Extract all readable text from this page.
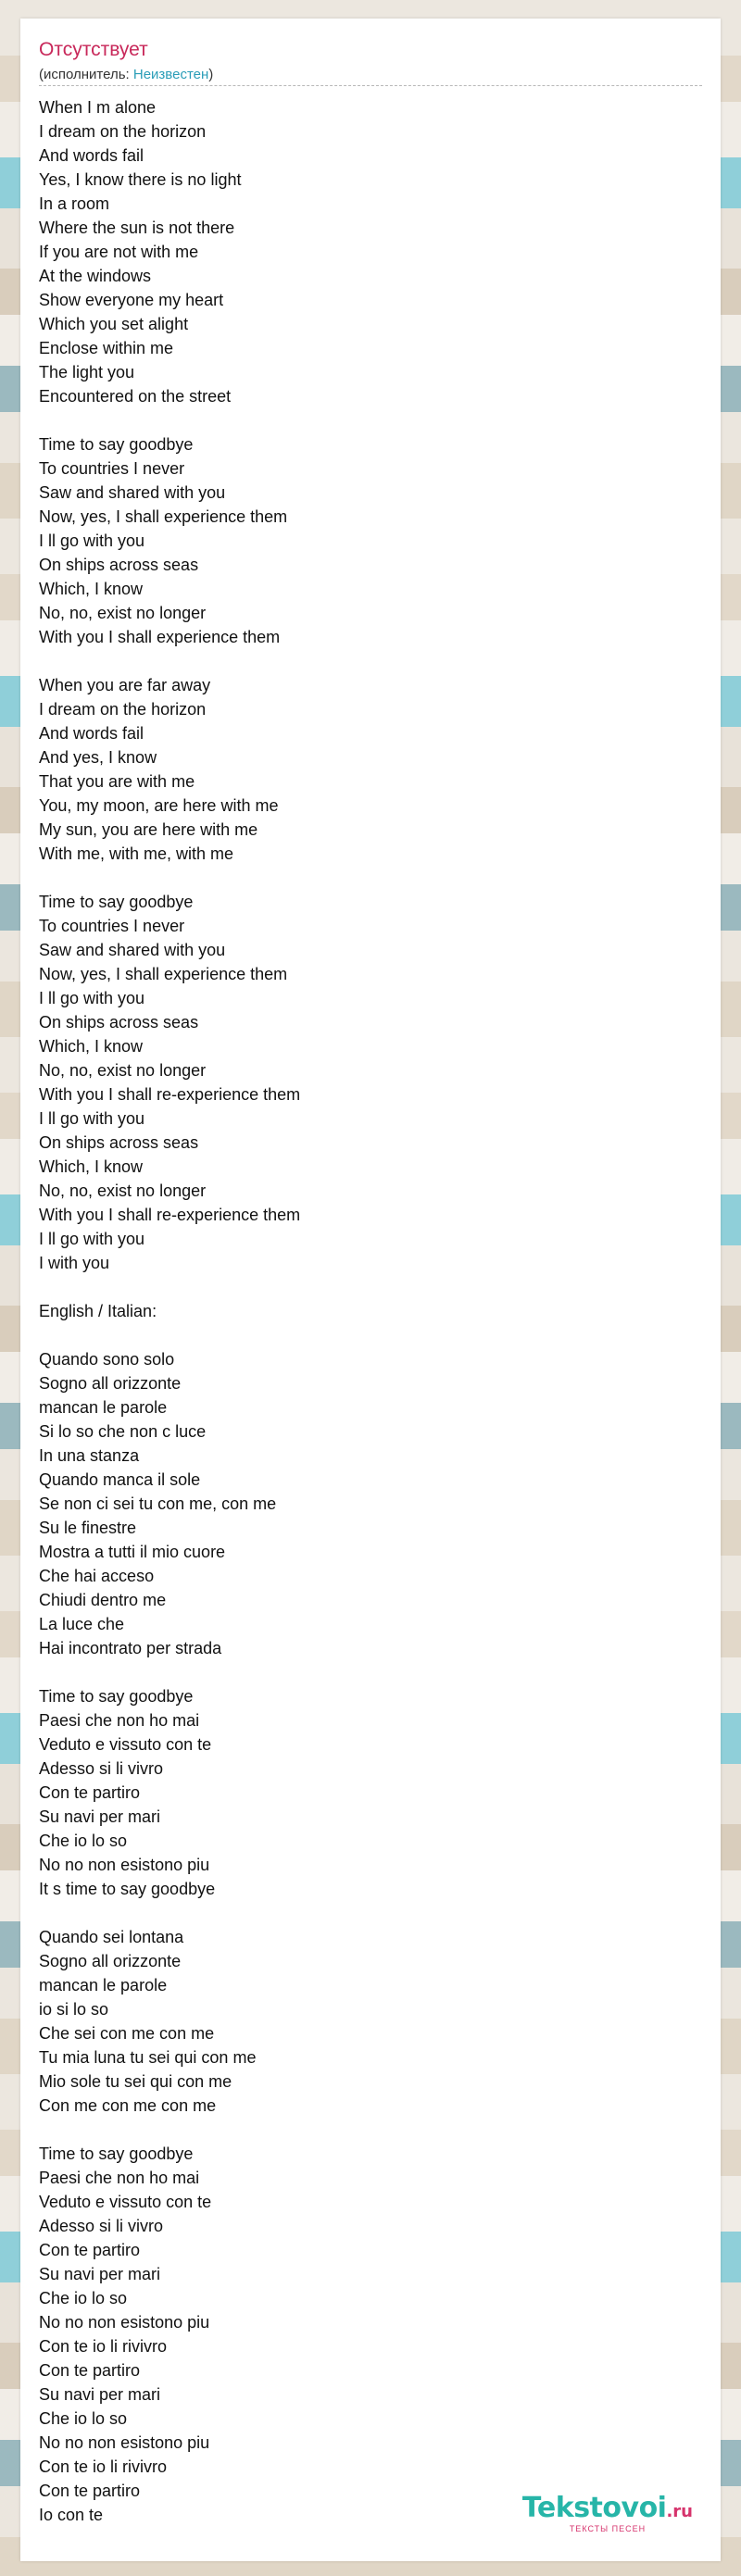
Отсутствует
(исполнитель: Неизвестен)
When I m alone
I dream on the horizon
And words fail
Yes, I know there is no light
In a room
Where the sun is not there
If you are not with me
At the windows
Show everyone my heart
Which you set alight
Enclose within me
The light you
Encountered on the street

Time to say goodbye
To countries I never
Saw and shared with you
Now, yes, I shall experience them
I ll go with you
On ships across seas
Which, I know
No, no, exist no longer
With you I shall experience them

When you are far away
I dream on the horizon
And words fail
And yes, I know
That you are with me
You, my moon, are here with me
My sun, you are here with me
With me, with me, with me

Time to say goodbye
To countries I never
Saw and shared with you
Now, yes, I shall experience them
I ll go with you
On ships across seas
Which, I know
No, no, exist no longer
With you I shall re-experience them
I ll go with you
On ships across seas
Which, I know
No, no, exist no longer
With you I shall re-experience them
I ll go with you
I with you

English / Italian:

Quando sono solo
Sogno all orizzonte
mancan le parole
Si lo so che non c luce
In una stanza
Quando manca il sole
Se non ci sei tu con me, con me
Su le finestre
Mostra a tutti il mio cuore
Che hai acceso
Chiudi dentro me
La luce che
Hai incontrato per strada

Time to say goodbye
Paesi che non ho mai
Veduto e vissuto con te
Adesso si li vivro
Con te partiro
Su navi per mari
Che io lo so
No no non esistono piu
It s time to say goodbye

Quando sei lontana
Sogno all orizzonte
mancan le parole
io si lo so
Che sei con me con me
Tu mia luna tu sei qui con me
Mio sole tu sei qui con me
Con me con me con me

Time to say goodbye
Paesi che non ho mai
Veduto e vissuto con te
Adesso si li vivro
Con te partiro
Su navi per mari
Che io lo so
No no non esistono piu
Con te io li rivivro
Con te partiro
Su navi per mari
Che io lo so
No no non esistono piu
Con te io li rivivro
Con te partiro
Io con te	Tekstovoi.ru
ТЕКСТЫ ПЕСЕН
